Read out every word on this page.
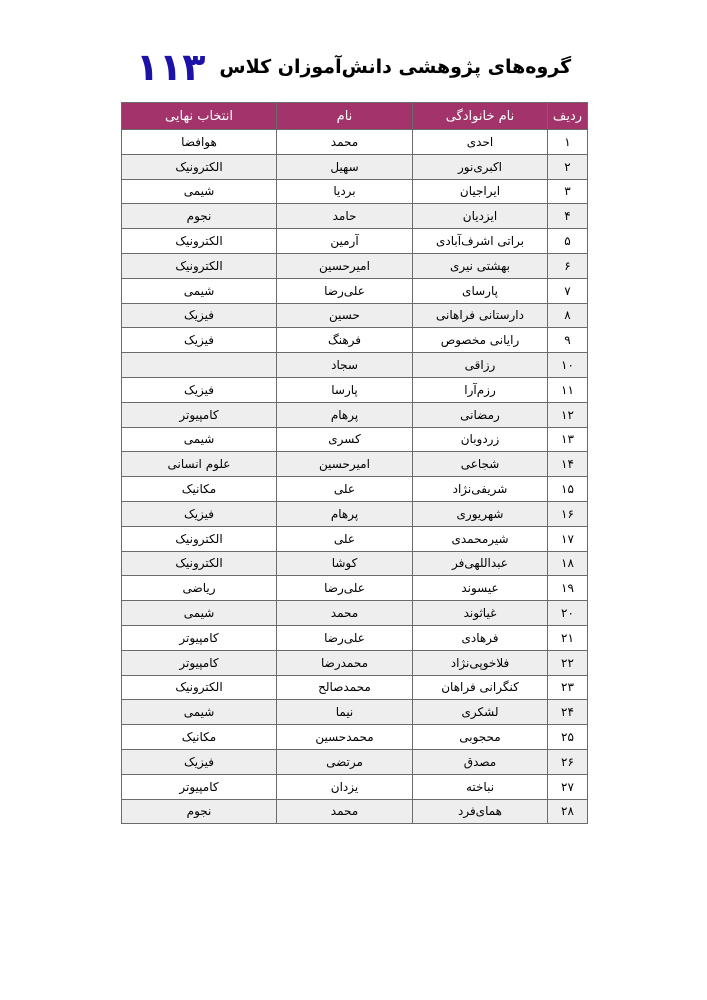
گروه‌های پژوهشی دانش‌آموزان کلاس
۱۱۳
ردیف	نام خانوادگی	نام	انتخاب نهایی
۱	احدی	محمد	هوافضا
۲	اکبری‌نور	سهیل	الکترونیک
۳	ایراجیان	بردیا	شیمی
۴	ایزدیان	حامد	نجوم
۵	براتی اشرف‌آبادی	آرمین	الکترونیک
۶	بهشتی نیری	امیرحسین	الکترونیک
۷	پارسای	علی‌رضا	شیمی
۸	دارستانی فراهانی	حسین	فیزیک
۹	رایانی مخصوص	فرهنگ	فیزیک
۱۰	رزاقی	سجاد	
۱۱	رزم‌آرا	پارسا	فیزیک
۱۲	رمضانی	پرهام	کامپیوتر
۱۳	زردوبان	کسری	شیمی
۱۴	شجاعی	امیرحسین	علوم انسانی
۱۵	شریفی‌نژاد	علی	مکانیک
۱۶	شهریوری	پرهام	فیزیک
۱۷	شیرمحمدی	علی	الکترونیک
۱۸	عبداللهی‌فر	کوشا	الکترونیک
۱۹	عیسوند	علی‌رضا	ریاضی
۲۰	غیاثوند	محمد	شیمی
۲۱	فرهادی	علی‌رضا	کامپیوتر
۲۲	فلاخوپی‌نژاد	محمدرضا	کامپیوتر
۲۳	کنگرانی فراهان	محمدصالح	الکترونیک
۲۴	لشکری	نیما	شیمی
۲۵	محجوبی	محمدحسین	مکانیک
۲۶	مصدق	مرتضی	فیزیک
۲۷	نباخته	یزدان	کامپیوتر
۲۸	همای‌فرد	محمد	نجوم
